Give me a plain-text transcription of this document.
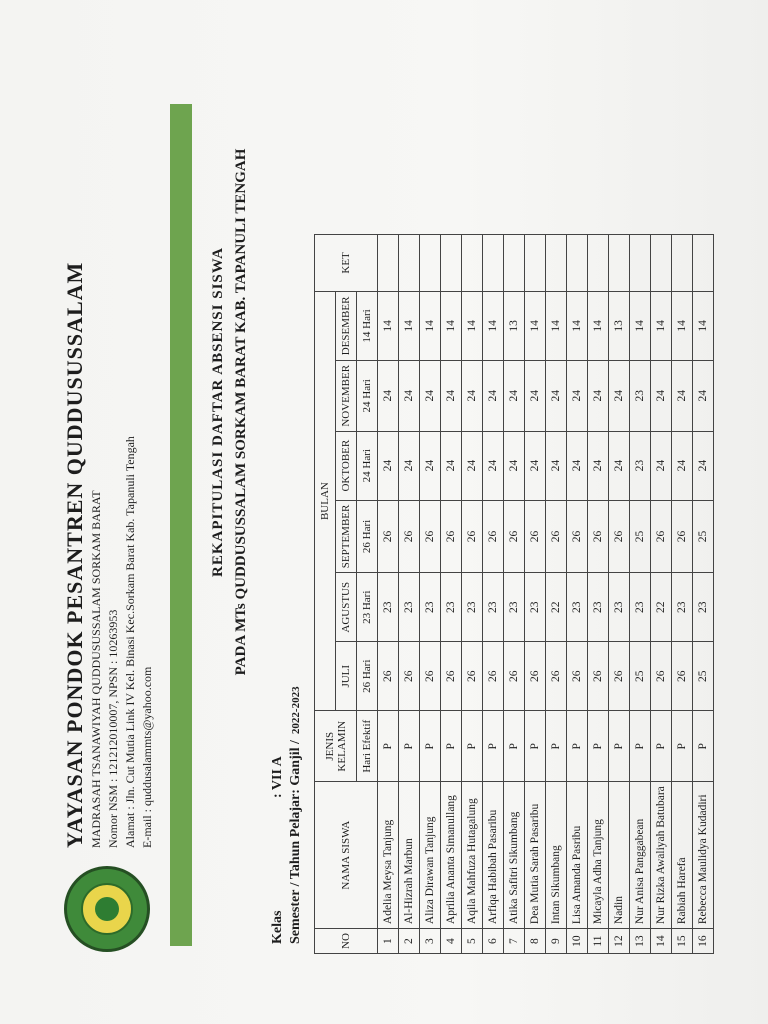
YAYASAN PONDOK PESANTREN QUDDUSUSSALAM MADRASAH TSANAWIYAH QUDDUSUSSALAM SORKAM BARAT Nomor NSM : 121212010007, NPSN : 10263953 Alamat : Jln. Cut Mutia Link IV Kel. Binasi Kec.Sorkam Barat Kab. Tapanuli Tengah E-mail : quddusalammts@yahoo.com
REKAPITULASI DAFTAR ABSENSI SISWA PADA MTs QUDDUSUSSALAM SORKAM BARAT KAB. TAPANULI TENGAH
Kelas
: VII A Semester / Tahun Pelajar: Ganjil /
2022-2023
NO	NAMA SISWA	JENIS KELAMIN	BULAN						KET
			JULI	AGUSTUS	SEPTEMBER	OKTOBER	NOVEMBER	DESEMBER	
		Hari Efektif	26 Hari	23 Hari	26 Hari	24 Hari	24 Hari	14 Hari	
1	Adelia Meysa Tanjung	P	26	23	26	24	24	14	
2	Al-Hizrah Marbun	P	26	23	26	24	24	14	
3	Aliza Dirawan Tanjung	P	26	23	26	24	24	14	
4	Aprilia Ananta Simanullang	P	26	23	26	24	24	14	
5	Aqila Mahfuza Hutagalung	P	26	23	26	24	24	14	
6	Arfiqa Habibah Pasaribu	P	26	23	26	24	24	14	
7	Atika Safitri Sikumbang	P	26	23	26	24	24	13	
8	Dea Mutia Sarah Pasaribu	P	26	23	26	24	24	14	
9	Intan Sikumbang	P	26	22	26	24	24	14	
10	Lisa Amanda Pasribu	P	26	23	26	24	24	14	
11	Micayla Adha Tanjung	P	26	23	26	24	24	14	
12	Nadin	P	26	23	26	24	24	13	
13	Nur Anisa Panggabean	P	25	23	25	23	23	14	
14	Nur Rizka Awaliyah Batubara	P	26	22	26	24	24	14	
15	Rabiah Harefa	P	26	23	26	24	24	14	
16	Rebecca Maulidya Kudadiri	P	25	23	25	24	24	14	
